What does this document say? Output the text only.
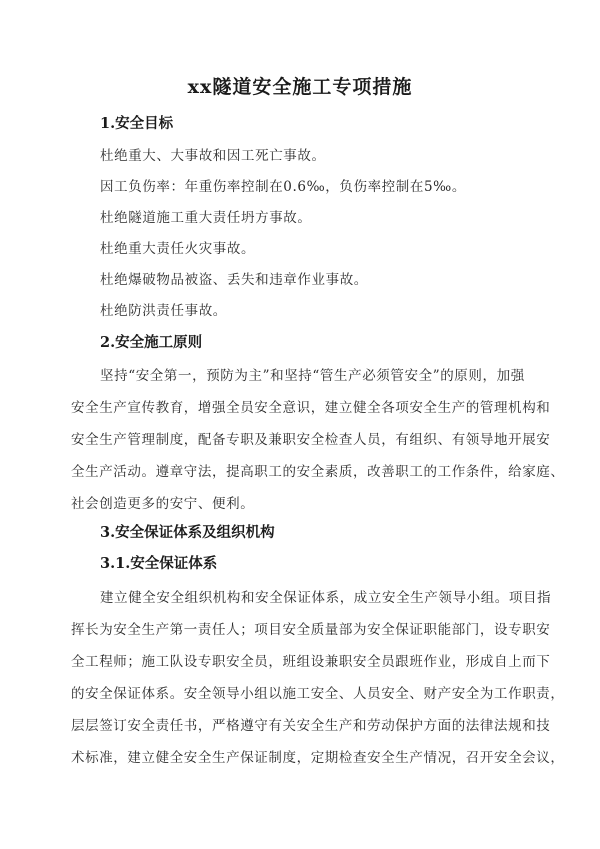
xx隧道安全施工专项措施
1.安全目标
杜绝重大、大事故和因工死亡事故。
因工负伤率：年重伤率控制在0.6‰，负伤率控制在5‰。
杜绝隧道施工重大责任坍方事故。
杜绝重大责任火灾事故。
杜绝爆破物品被盗、丢失和违章作业事故。
杜绝防洪责任事故。
2.安全施工原则
坚持“安全第一，预防为主”和坚持“管生产必须管安全”的原则，加强
安全生产宣传教育，增强全员安全意识，建立健全各项安全生产的管理机构和
安全生产管理制度，配备专职及兼职安全检查人员，有组织、有领导地开展安
全生产活动。遵章守法，提高职工的安全素质，改善职工的工作条件，给家庭、
社会创造更多的安宁、便利。
3.安全保证体系及组织机构
3.1.安全保证体系
建立健全安全组织机构和安全保证体系，成立安全生产领导小组。项目指
挥长为安全生产第一责任人；项目安全质量部为安全保证职能部门，设专职安
全工程师；施工队设专职安全员，班组设兼职安全员跟班作业，形成自上而下
的安全保证体系。安全领导小组以施工安全、人员安全、财产安全为工作职责，
层层签订安全责任书，严格遵守有关安全生产和劳动保护方面的法律法规和技
术标准，建立健全安全生产保证制度，定期检查安全生产情况，召开安全会议，
